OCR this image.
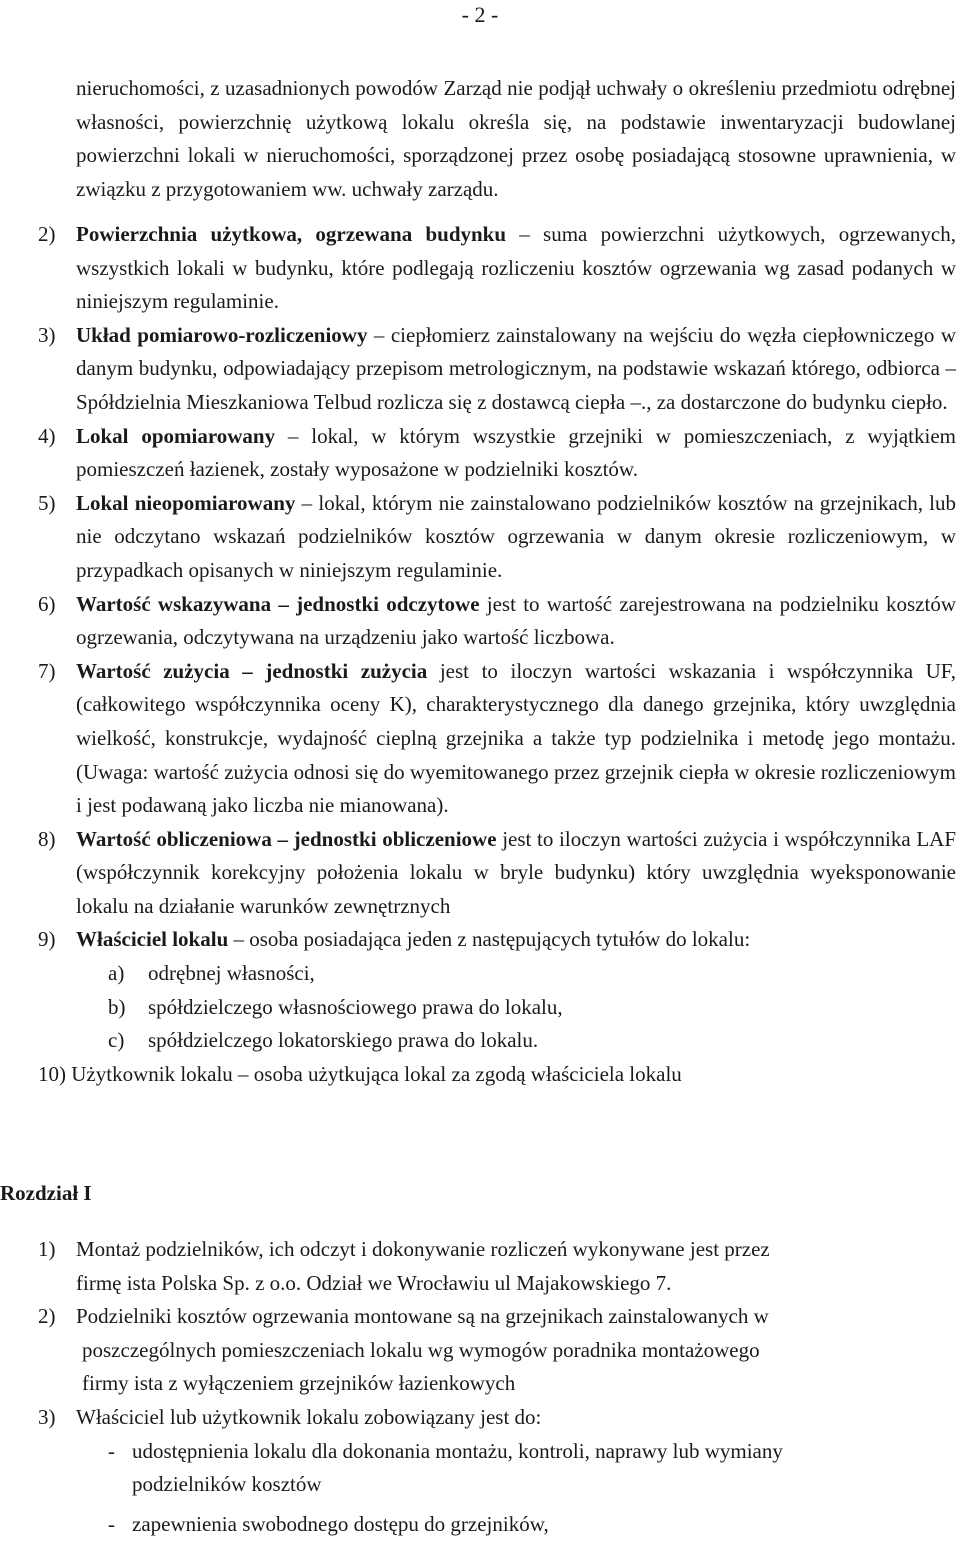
- 2 -
nieruchomości, z uzasadnionych powodów Zarząd nie podjął uchwały o określeniu przedmiotu odrębnej własności, powierzchnię użytkową lokalu określa się, na podstawie inwentaryzacji budowlanej powierzchni lokali w nieruchomości, sporządzonej przez osobę posiadającą stosowne uprawnienia, w związku z przygotowaniem ww. uchwały zarządu.
2) Powierzchnia użytkowa, ogrzewana budynku – suma powierzchni użytkowych, ogrzewanych, wszystkich lokali w budynku, które podlegają rozliczeniu kosztów ogrzewania wg zasad podanych w niniejszym regulaminie.
3) Układ pomiarowo-rozliczeniowy – ciepłomierz zainstalowany na wejściu do węzła ciepłowniczego w danym budynku, odpowiadający przepisom metrologicznym, na podstawie wskazań którego, odbiorca – Spółdzielnia Mieszkaniowa Telbud rozlicza się z dostawcą ciepła –., za dostarczone do budynku ciepło.
4) Lokal opomiarowany – lokal, w którym wszystkie grzejniki w pomieszczeniach, z wyjątkiem pomieszczeń łazienek, zostały wyposażone w podzielniki kosztów.
5) Lokal nieopomiarowany – lokal, którym nie zainstalowano podzielników kosztów na grzejnikach, lub nie odczytano wskazań podzielników kosztów ogrzewania w danym okresie rozliczeniowym, w przypadkach opisanych w niniejszym regulaminie.
6) Wartość wskazywana – jednostki odczytowe jest to wartość zarejestrowana na podzielniku kosztów ogrzewania, odczytywana na urządzeniu jako wartość liczbowa.
7) Wartość zużycia – jednostki zużycia jest to iloczyn wartości wskazania i współczynnika UF, (całkowitego współczynnika oceny K), charakterystycznego dla danego grzejnika, który uwzględnia wielkość, konstrukcje, wydajność cieplną grzejnika a także typ podzielnika i metodę jego montażu. (Uwaga: wartość zużycia odnosi się do wyemitowanego przez grzejnik ciepła w okresie rozliczeniowym i jest podawaną jako liczba nie mianowana).
8) Wartość obliczeniowa – jednostki obliczeniowe jest to iloczyn wartości zużycia i współczynnika LAF (współczynnik korekcyjny położenia lokalu w bryle budynku) który uwzględnia wyeksponowanie lokalu na działanie warunków zewnętrznych
9) Właściciel lokalu – osoba posiadająca jeden z następujących tytułów do lokalu:
a) odrębnej własności,
b) spółdzielczego własnościowego prawa do lokalu,
c) spółdzielczego lokatorskiego prawa do lokalu.
10) Użytkownik lokalu – osoba użytkująca lokal za zgodą właściciela lokalu
Rozdział I
1) Montaż podzielników, ich odczyt i dokonywanie rozliczeń wykonywane jest przez
firmę ista Polska Sp. z o.o. Odział we Wrocławiu ul Majakowskiego 7.
2) Podzielniki kosztów ogrzewania montowane są na grzejnikach zainstalowanych w
poszczególnych pomieszczeniach lokalu wg wymogów poradnika montażowego
firmy ista z wyłączeniem grzejników łazienkowych
3) Właściciel lub użytkownik lokalu zobowiązany jest do:
- udostępnienia lokalu dla dokonania montażu, kontroli, naprawy lub wymiany
podzielników kosztów
- zapewnienia swobodnego dostępu do grzejników,
